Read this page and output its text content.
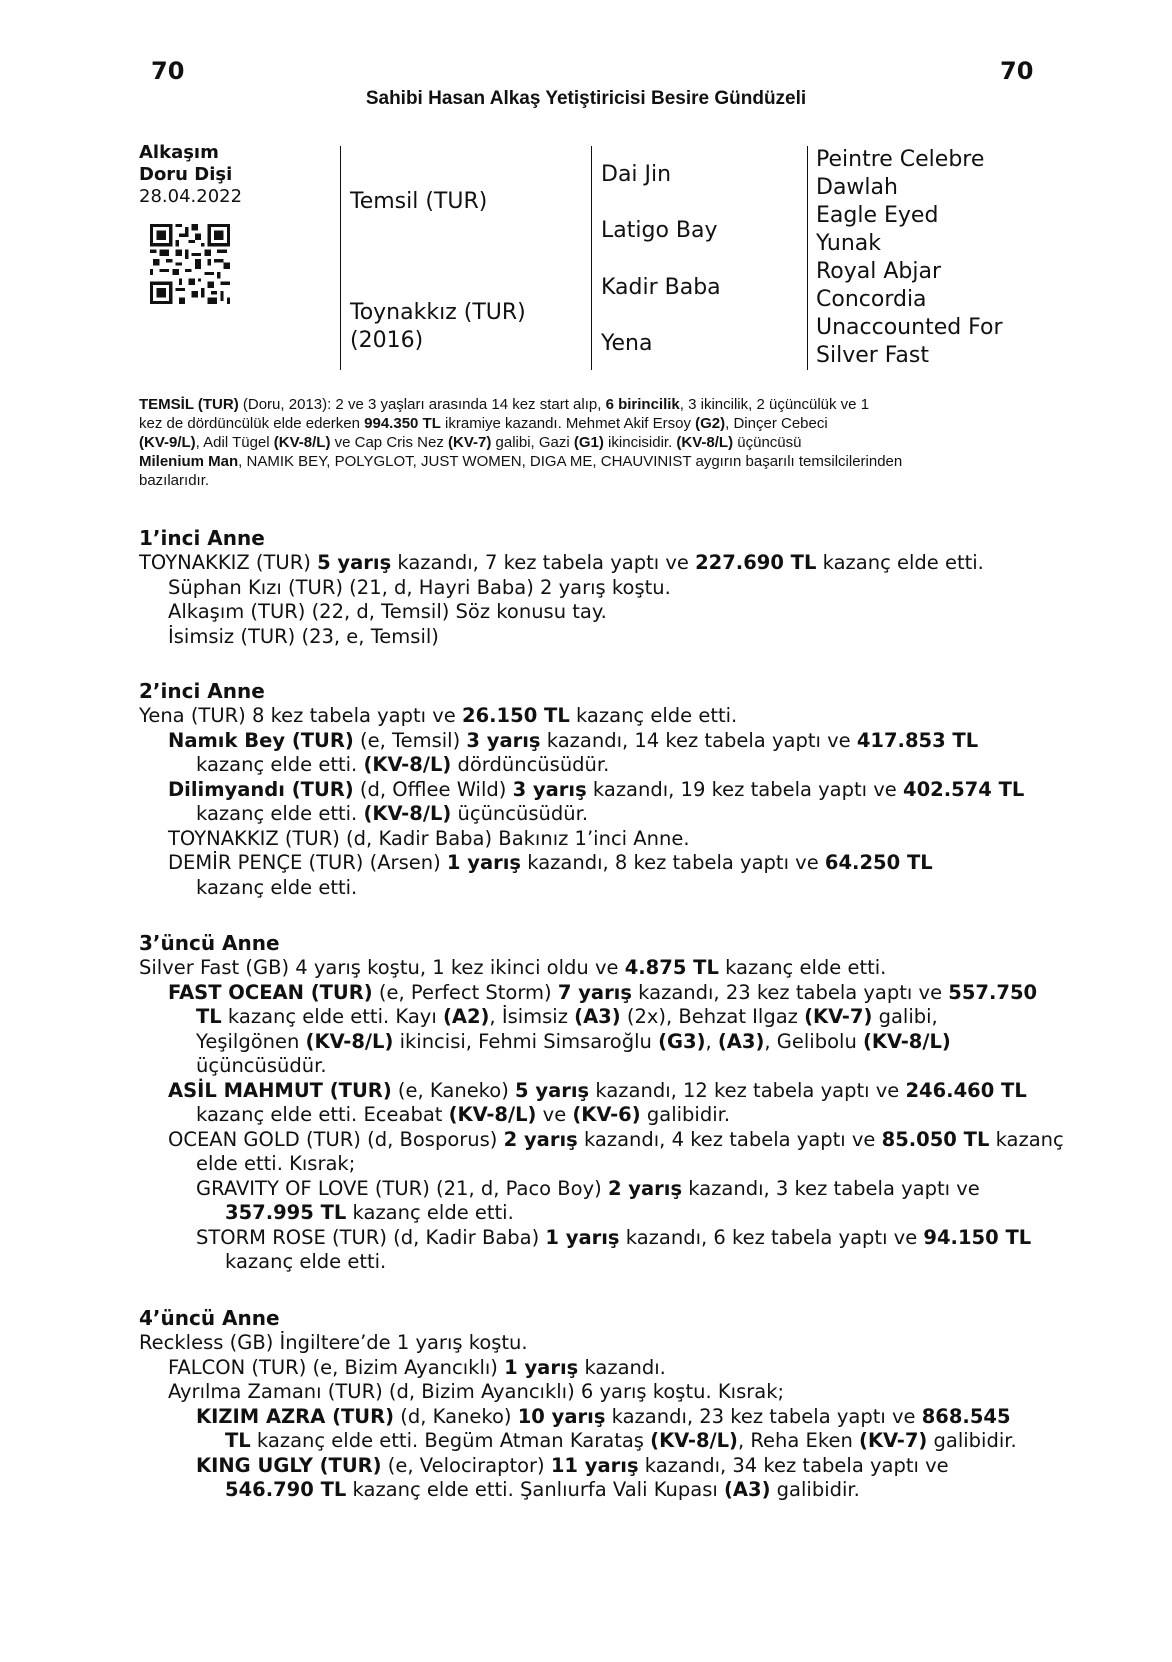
70	70
Sahibi Hasan Alkaş Yetiştiricisi Besire Gündüzeli
Alkaşım
Doru Dişi
28.04.2022	Temsil (TUR)
Toynakkız (TUR)
(2016)
Dai Jin
Latigo Bay
Kadir Baba
Yena
Peintre Celebre
Dawlah
Eagle Eyed
Yunak
Royal Abjar
Concordia
Unaccounted For
Silver Fast
TEMSİL (TUR) (Doru, 2013): 2 ve 3 yaşları arasında 14 kez start alıp, 6 birincilik, 3 ikincilik, 2 üçüncülük ve 1
kez de dördüncülük elde ederken 994.350 TL ikramiye kazandı. Mehmet Akif Ersoy (G2), Dinçer Cebeci
(KV-9/L), Adil Tügel (KV-8/L) ve Cap Cris Nez (KV-7) galibi, Gazi (G1) ikincisidir. (KV-8/L) üçüncüsü
Milenium Man, NAMIK BEY, POLYGLOT, JUST WOMEN, DIGA ME, CHAUVINIST aygırın başarılı temsilcilerinden
bazılarıdır.
1’inci Anne
TOYNAKKIZ (TUR) 5 yarış kazandı, 7 kez tabela yaptı ve 227.690 TL kazanç elde etti.
Süphan Kızı (TUR) (21, d, Hayri Baba) 2 yarış koştu.
Alkaşım (TUR) (22, d, Temsil) Söz konusu tay.
İsimsiz (TUR) (23, e, Temsil)
2’inci Anne
Yena (TUR) 8 kez tabela yaptı ve 26.150 TL kazanç elde etti.
Namık Bey (TUR) (e, Temsil) 3 yarış kazandı, 14 kez tabela yaptı ve 417.853 TL
kazanç elde etti. (KV-8/L) dördüncüsüdür.
Dilimyandı (TUR) (d, Offlee Wild) 3 yarış kazandı, 19 kez tabela yaptı ve 402.574 TL
kazanç elde etti. (KV-8/L) üçüncüsüdür.
TOYNAKKIZ (TUR) (d, Kadir Baba) Bakınız 1’inci Anne.
DEMİR PENÇE (TUR) (Arsen) 1 yarış kazandı, 8 kez tabela yaptı ve 64.250 TL
kazanç elde etti.
3’üncü Anne
Silver Fast (GB) 4 yarış koştu, 1 kez ikinci oldu ve 4.875 TL kazanç elde etti.
FAST OCEAN (TUR) (e, Perfect Storm) 7 yarış kazandı, 23 kez tabela yaptı ve 557.750
TL kazanç elde etti. Kayı (A2), İsimsiz (A3) (2x), Behzat Ilgaz (KV-7) galibi,
Yeşilgönen (KV-8/L) ikincisi, Fehmi Simsaroğlu (G3), (A3), Gelibolu (KV-8/L)
üçüncüsüdür.
ASİL MAHMUT (TUR) (e, Kaneko) 5 yarış kazandı, 12 kez tabela yaptı ve 246.460 TL
kazanç elde etti. Eceabat (KV-8/L) ve (KV-6) galibidir.
OCEAN GOLD (TUR) (d, Bosporus) 2 yarış kazandı, 4 kez tabela yaptı ve 85.050 TL kazanç
elde etti. Kısrak;
GRAVITY OF LOVE (TUR) (21, d, Paco Boy) 2 yarış kazandı, 3 kez tabela yaptı ve
357.995 TL kazanç elde etti.
STORM ROSE (TUR) (d, Kadir Baba) 1 yarış kazandı, 6 kez tabela yaptı ve 94.150 TL
kazanç elde etti.
4’üncü Anne
Reckless (GB) İngiltere’de 1 yarış koştu.
FALCON (TUR) (e, Bizim Ayancıklı) 1 yarış kazandı.
Ayrılma Zamanı (TUR) (d, Bizim Ayancıklı) 6 yarış koştu. Kısrak;
KIZIM AZRA (TUR) (d, Kaneko) 10 yarış kazandı, 23 kez tabela yaptı ve 868.545
TL kazanç elde etti. Begüm Atman Karataş (KV-8/L), Reha Eken (KV-7) galibidir.
KING UGLY (TUR) (e, Velociraptor) 11 yarış kazandı, 34 kez tabela yaptı ve
546.790 TL kazanç elde etti. Şanlıurfa Vali Kupası (A3) galibidir.
